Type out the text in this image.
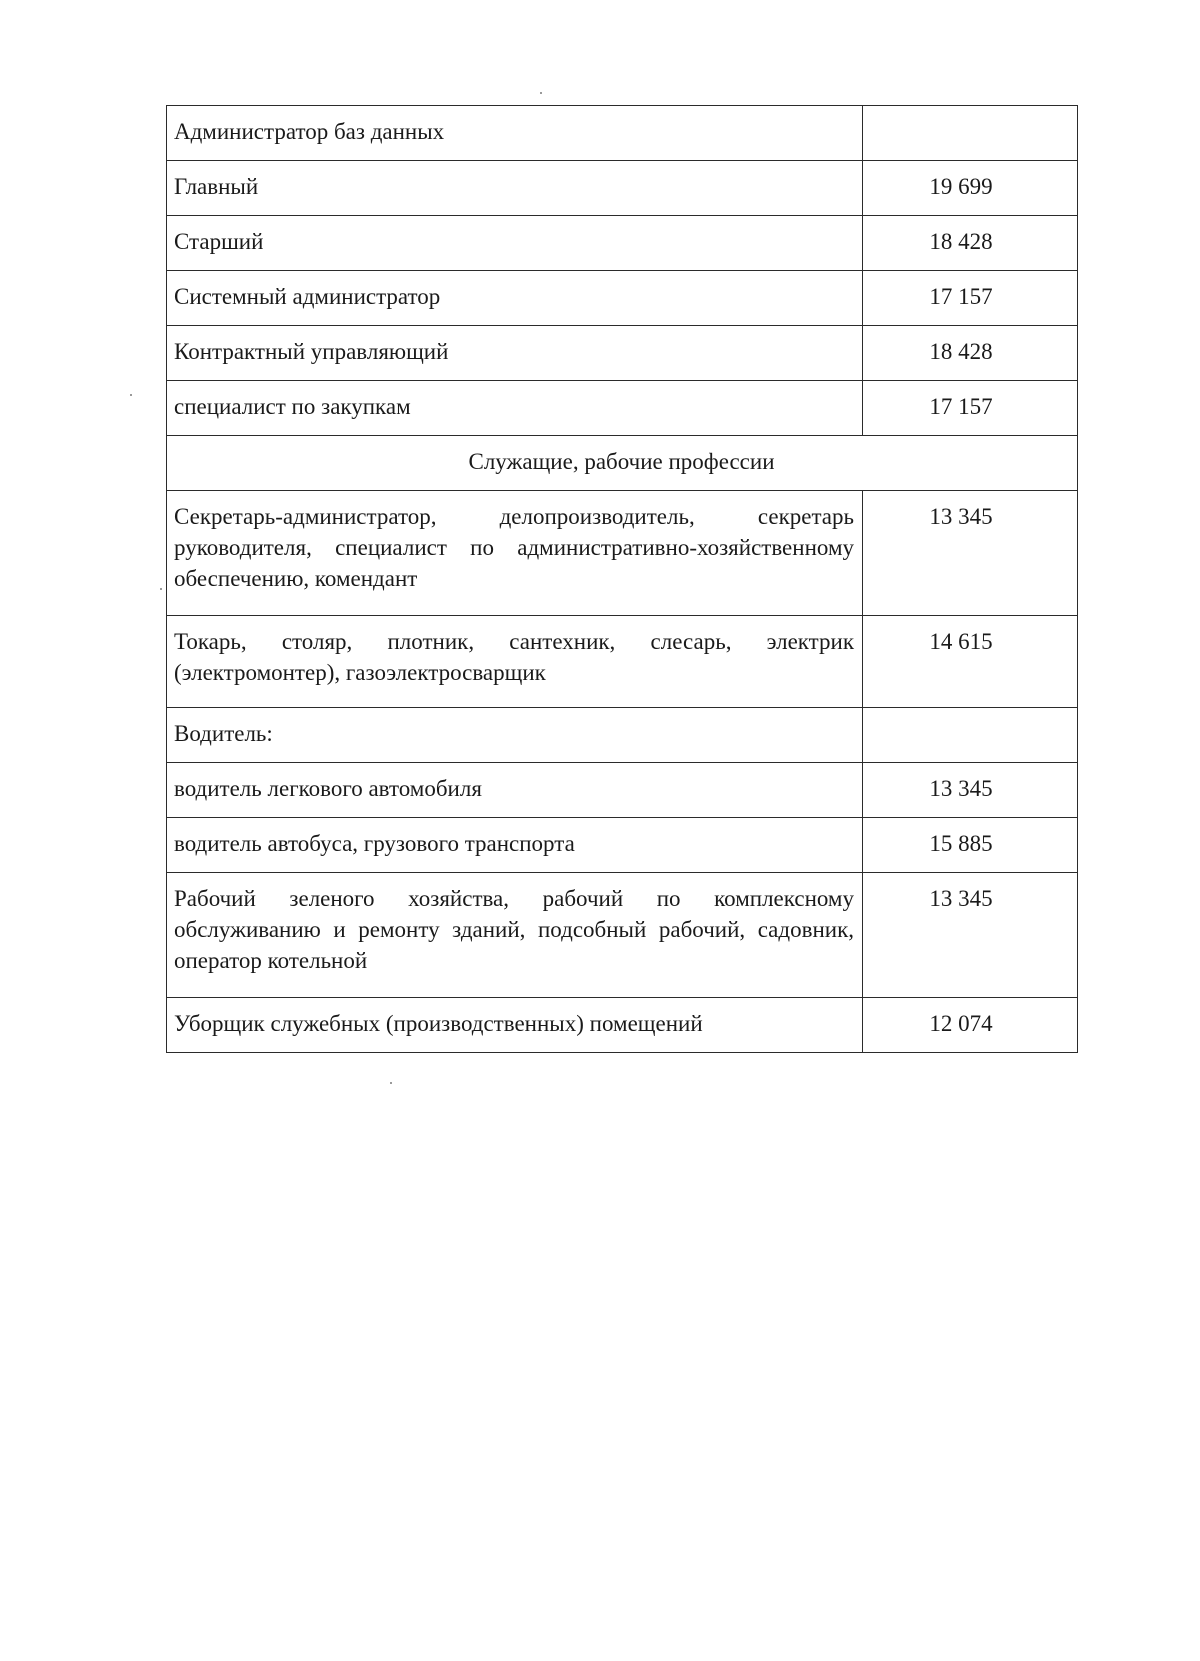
Администратор баз данных	
Главный	19 699
Старший	18 428
Системный администратор	17 157
Контрактный управляющий	18 428
специалист по закупкам	17 157
Служащие, рабочие профессии	
Секретарь-администратор, делопроизводитель, секретарь руководителя, специалист по административно-хозяйственному обеспечению, комендант	13 345
Токарь, столяр, плотник, сантехник, слесарь, электрик (электромонтер), газоэлектросварщик	14 615
Водитель:	
водитель легкового автомобиля	13 345
водитель автобуса, грузового транспорта	15 885
Рабочий зеленого хозяйства, рабочий по комплексному обслуживанию и ремонту зданий, подсобный рабочий, садовник, оператор котельной	13 345
Уборщик служебных (производственных) помещений	12 074
